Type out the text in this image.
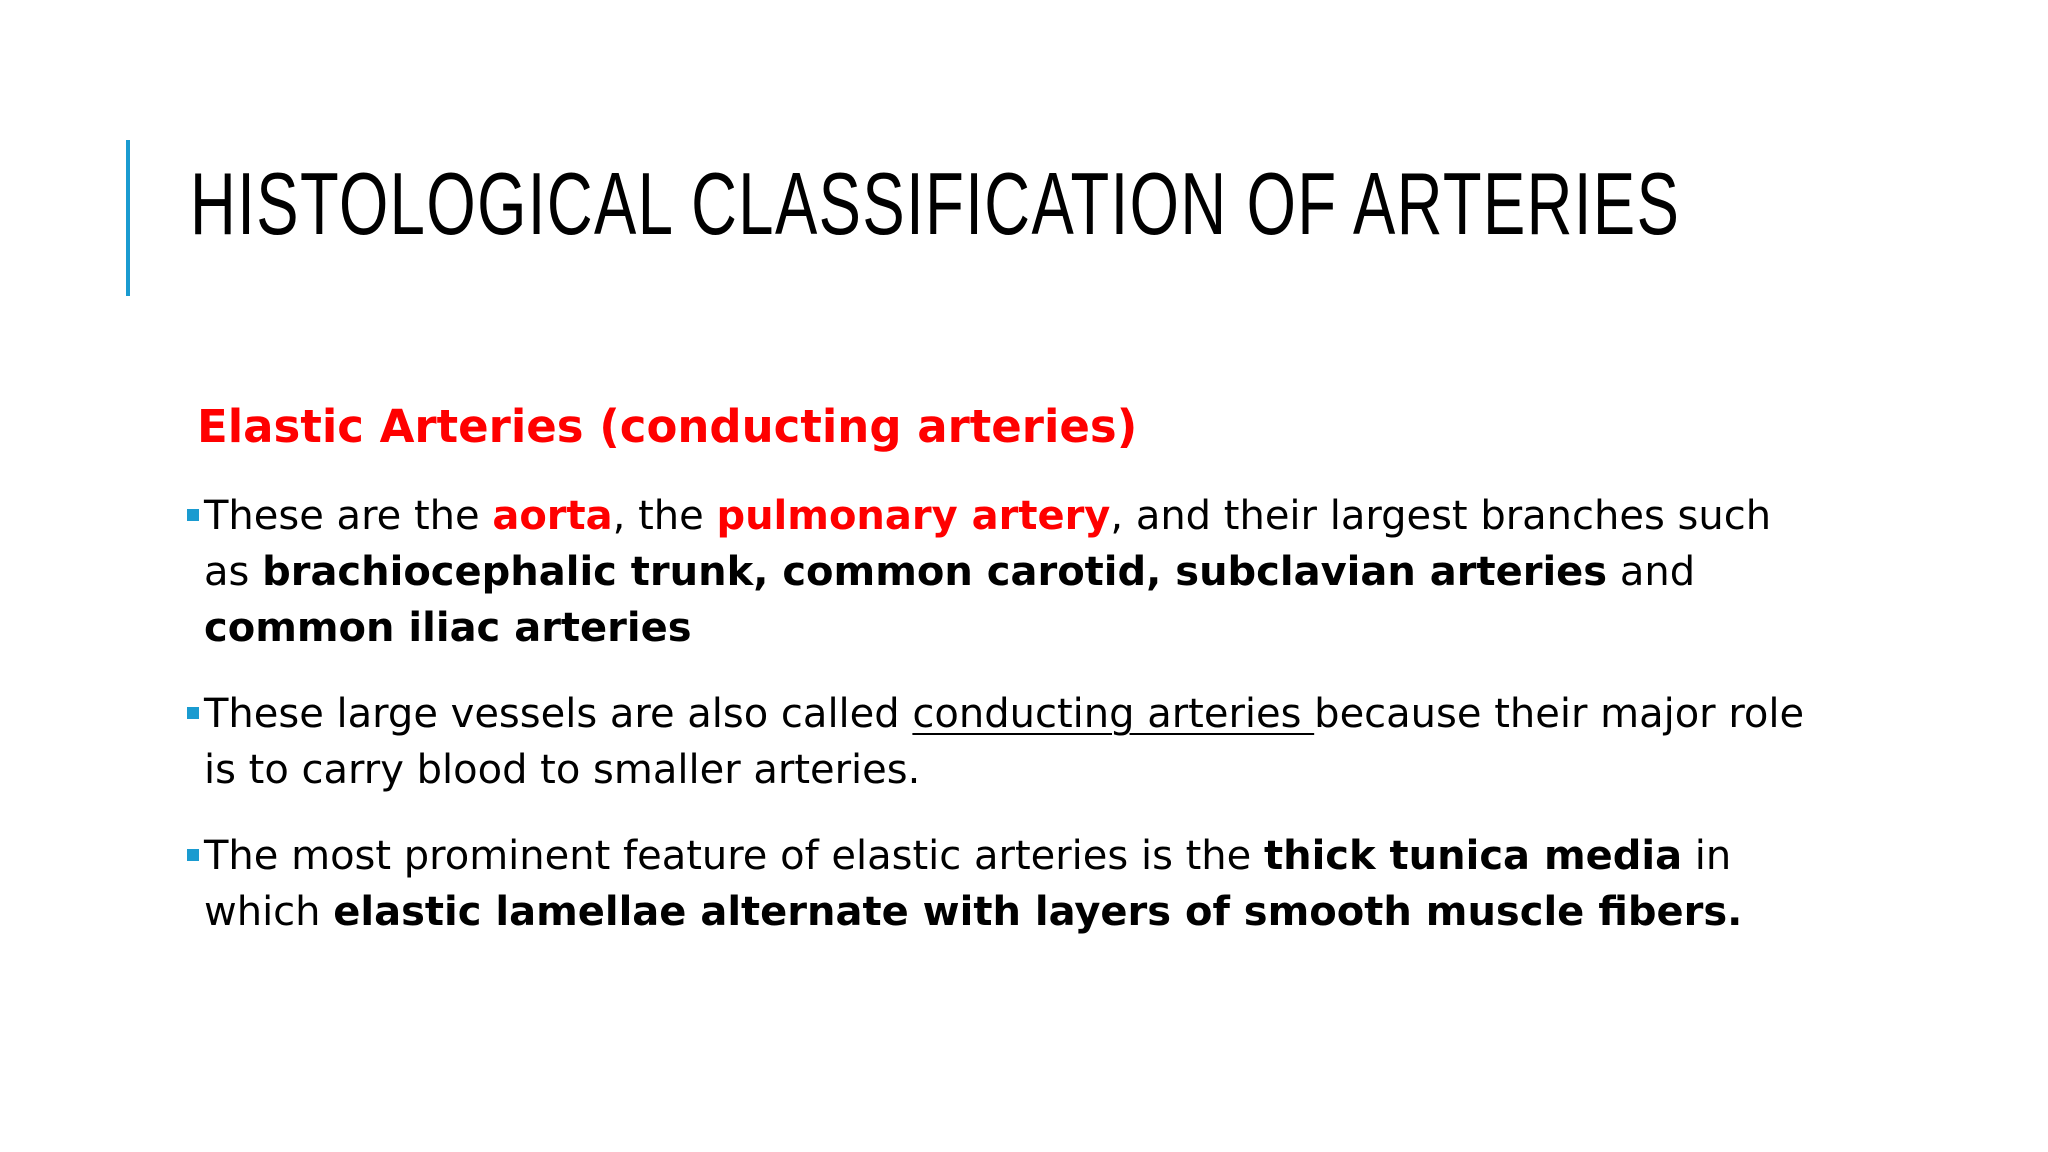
HISTOLOGICAL CLASSIFICATION OF ARTERIES
Elastic Arteries (conducting arteries)
These are the aorta, the pulmonary artery, and their largest branches such as brachiocephalic trunk, common carotid, subclavian arteries and common iliac arteries
These large vessels are also called conducting arteries because their major role is to carry blood to smaller arteries.
The most prominent feature of elastic arteries is the thick tunica media in which elastic lamellae alternate with layers of smooth muscle fibers.
